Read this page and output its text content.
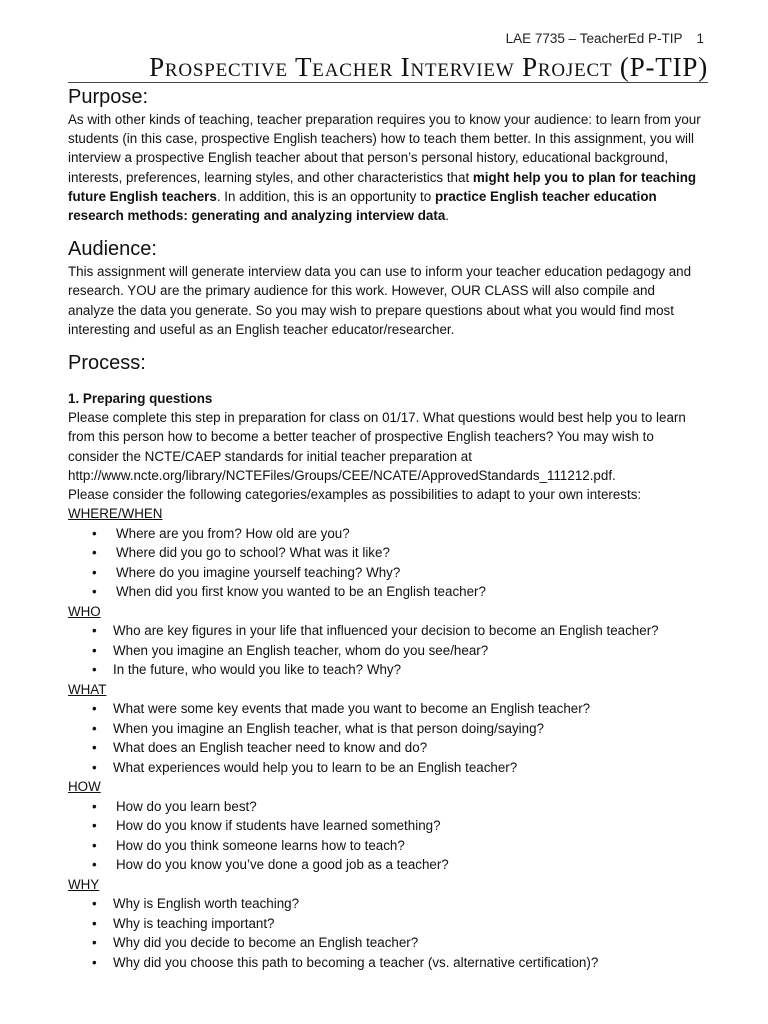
LAE 7735 – TeacherEd P-TIP 1
Prospective Teacher Interview Project (P-TIP)
Purpose:

As with other kinds of teaching, teacher preparation requires you to know your audience: to learn from your students (in this case, prospective English teachers) how to teach them better. In this assignment, you will interview a prospective English teacher about that person’s personal history, educational background, interests, preferences, learning styles, and other characteristics that might help you to plan for teaching future English teachers. In addition, this is an opportunity to practice English teacher education research methods: generating and analyzing interview data.

Audience:

This assignment will generate interview data you can use to inform your teacher education pedagogy and research. YOU are the primary audience for this work. However, OUR CLASS will also compile and analyze the data you generate. So you may wish to prepare questions about what you would find most interesting and useful as an English teacher educator/researcher.

Process:

1. Preparing questions

Please complete this step in preparation for class on 01/17. What questions would best help you to learn from this person how to become a better teacher of prospective English teachers? You may wish to consider the NCTE/CAEP standards for initial teacher preparation at http://www.ncte.org/library/NCTEFiles/Groups/CEE/NCATE/ApprovedStandards_111212.pdf.

Please consider the following categories/examples as possibilities to adapt to your own interests:

WHERE/WHEN

• Where are you from? How old are you?
• Where did you go to school? What was it like?
• Where do you imagine yourself teaching? Why?
• When did you first know you wanted to be an English teacher?

WHO

• Who are key figures in your life that influenced your decision to become an English teacher?
• When you imagine an English teacher, whom do you see/hear?
• In the future, who would you like to teach? Why?

WHAT

• What were some key events that made you want to become an English teacher?
• When you imagine an English teacher, what is that person doing/saying?
• What does an English teacher need to know and do?
• What experiences would help you to learn to be an English teacher?

HOW

• How do you learn best?
• How do you know if students have learned something?
• How do you think someone learns how to teach?
• How do you know you’ve done a good job as a teacher?

WHY

• Why is English worth teaching?
• Why is teaching important?
• Why did you decide to become an English teacher?
• Why did you choose this path to becoming a teacher (vs. alternative certification)?
